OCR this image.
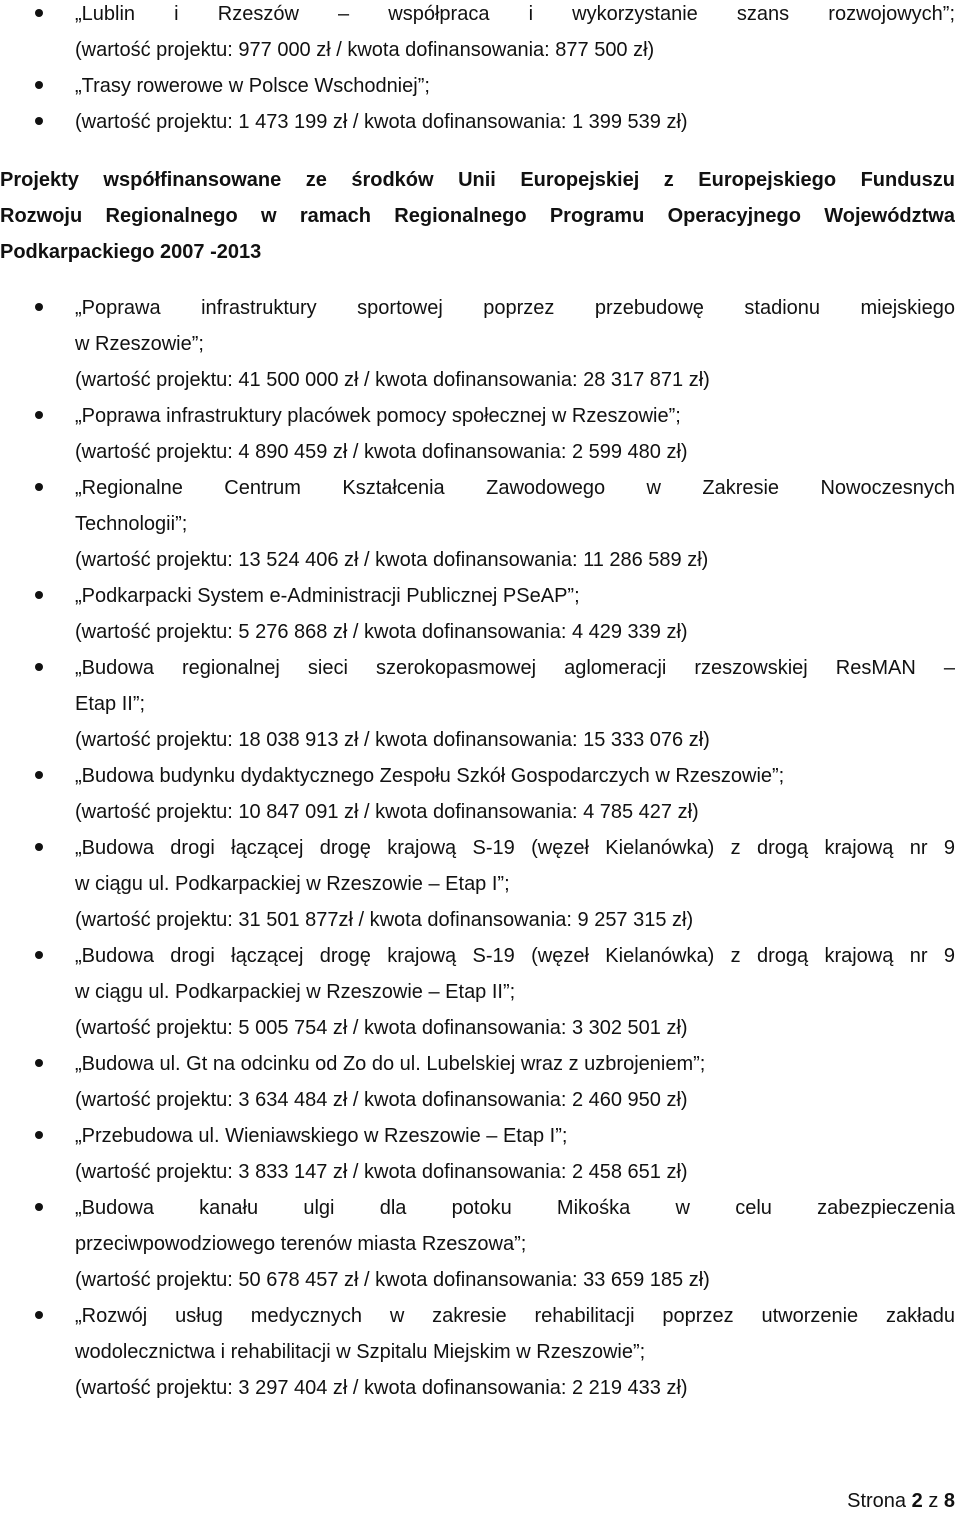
„Lublin i Rzeszów – współpraca i wykorzystanie szans rozwojowych”;
(wartość projektu: 977 000 zł / kwota dofinansowania: 877 500 zł)
„Trasy rowerowe w Polsce Wschodniej”;
(wartość projektu: 1 473 199 zł / kwota dofinansowania: 1 399 539 zł)
Projekty współfinansowane ze środków Unii Europejskiej z Europejskiego Funduszu
Rozwoju Regionalnego w ramach Regionalnego Programu Operacyjnego Województwa
Podkarpackiego 2007 -2013
„Poprawa infrastruktury sportowej poprzez przebudowę stadionu miejskiego
w Rzeszowie”;
(wartość projektu: 41 500 000 zł / kwota dofinansowania: 28 317 871 zł)
„Poprawa infrastruktury placówek pomocy społecznej w Rzeszowie”;
(wartość projektu: 4 890 459 zł / kwota dofinansowania: 2 599 480 zł)
„Regionalne Centrum Kształcenia Zawodowego w Zakresie Nowoczesnych
Technologii”;
(wartość projektu: 13 524 406 zł / kwota dofinansowania: 11 286 589 zł)
„Podkarpacki System e-Administracji Publicznej PSeAP”;
(wartość projektu: 5 276 868 zł / kwota dofinansowania: 4 429 339 zł)
„Budowa regionalnej sieci szerokopasmowej aglomeracji rzeszowskiej ResMAN –
Etap II”;
(wartość projektu: 18 038 913 zł / kwota dofinansowania: 15 333 076 zł)
„Budowa budynku dydaktycznego Zespołu Szkół Gospodarczych w Rzeszowie”;
(wartość projektu: 10 847 091 zł / kwota dofinansowania: 4 785 427 zł)
„Budowa drogi łączącej drogę krajową S-19 (węzeł Kielanówka) z drogą krajową nr 9
w ciągu ul. Podkarpackiej w Rzeszowie – Etap I”;
(wartość projektu: 31 501 877zł / kwota dofinansowania: 9 257 315 zł)
„Budowa drogi łączącej drogę krajową S-19 (węzeł Kielanówka) z drogą krajową nr 9
w ciągu ul. Podkarpackiej w Rzeszowie – Etap II”;
(wartość projektu: 5 005 754 zł / kwota dofinansowania: 3 302 501 zł)
„Budowa ul. Gt na odcinku od Zo do ul. Lubelskiej wraz z uzbrojeniem”;
(wartość projektu: 3 634 484 zł / kwota dofinansowania: 2 460 950 zł)
„Przebudowa ul. Wieniawskiego w Rzeszowie – Etap I”;
(wartość projektu: 3 833 147 zł / kwota dofinansowania: 2 458 651 zł)
„Budowa kanału ulgi dla potoku Mikośka w celu zabezpieczenia
przeciwpowodziowego terenów miasta Rzeszowa”;
(wartość projektu: 50 678 457 zł / kwota dofinansowania: 33 659 185 zł)
„Rozwój usług medycznych w zakresie rehabilitacji poprzez utworzenie zakładu
wodolecznictwa i rehabilitacji w Szpitalu Miejskim w Rzeszowie”;
(wartość projektu: 3 297 404 zł / kwota dofinansowania: 2 219 433 zł)
Strona 2 z 8
